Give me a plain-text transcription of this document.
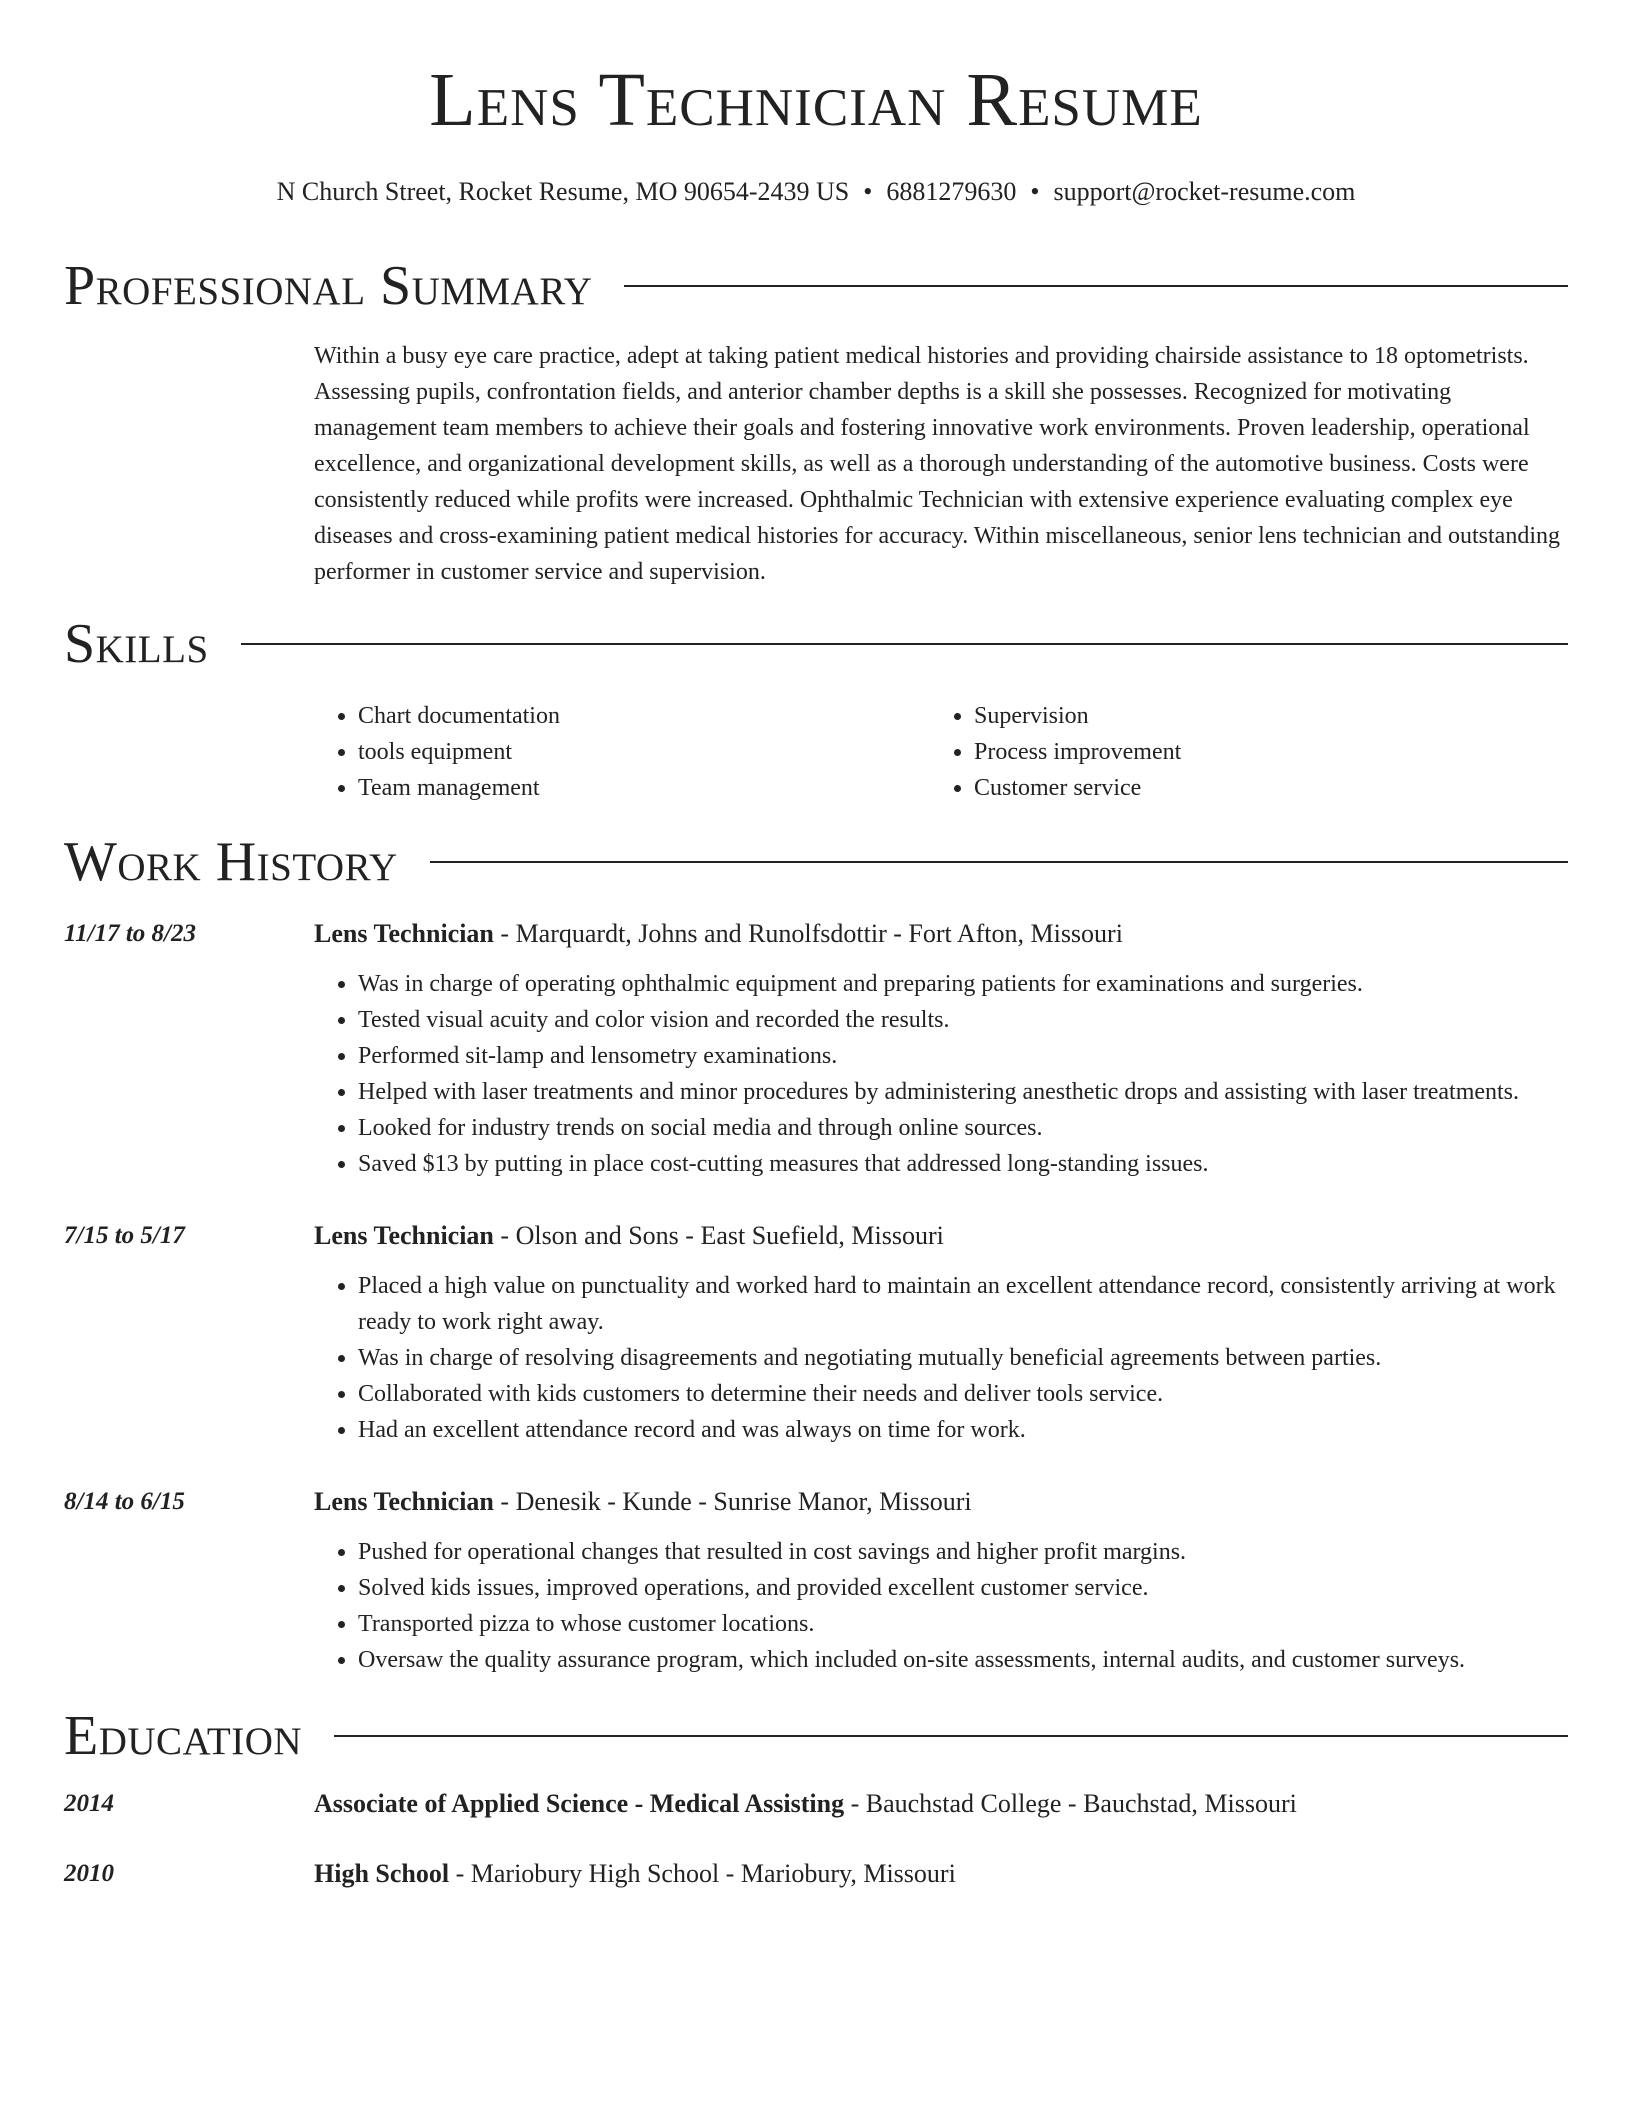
Lens Technician Resume
N Church Street, Rocket Resume, MO 90654-2439 US • 6881279630 • support@rocket-resume.com
Professional Summary

Within a busy eye care practice, adept at taking patient medical histories and providing chairside assistance to 18 optometrists. Assessing pupils, confrontation fields, and anterior chamber depths is a skill she possesses. Recognized for motivating management team members to achieve their goals and fostering innovative work environments. Proven leadership, operational excellence, and organizational development skills, as well as a thorough understanding of the automotive business. Costs were consistently reduced while profits were increased. Ophthalmic Technician with extensive experience evaluating complex eye diseases and cross-examining patient medical histories for accuracy. Within miscellaneous, senior lens technician and outstanding performer in customer service and supervision.

Skills
• Chart documentation
• tools equipment
• Team management
• Supervision
• Process improvement
• Customer service
Work History
11/17 to 8/23	Lens Technician - Marquardt, Johns and Runolfsdottir - Fort Afton, Missouri
• Was in charge of operating ophthalmic equipment and preparing patients for examinations and surgeries.
• Tested visual acuity and color vision and recorded the results.
• Performed sit-lamp and lensometry examinations.
• Helped with laser treatments and minor procedures by administering anesthetic drops and assisting with laser treatments.
• Looked for industry trends on social media and through online sources.
• Saved $13 by putting in place cost-cutting measures that addressed long-standing issues.
7/15 to 5/17	Lens Technician - Olson and Sons - East Suefield, Missouri
• Placed a high value on punctuality and worked hard to maintain an excellent attendance record, consistently arriving at work ready to work right away.
• Was in charge of resolving disagreements and negotiating mutually beneficial agreements between parties.
• Collaborated with kids customers to determine their needs and deliver tools service.
• Had an excellent attendance record and was always on time for work.
8/14 to 6/15	Lens Technician - Denesik - Kunde - Sunrise Manor, Missouri
• Pushed for operational changes that resulted in cost savings and higher profit margins.
• Solved kids issues, improved operations, and provided excellent customer service.
• Transported pizza to whose customer locations.
• Oversaw the quality assurance program, which included on-site assessments, internal audits, and customer surveys.
Education
2014	Associate of Applied Science - Medical Assisting - Bauchstad College - Bauchstad, Missouri
2010	High School - Mariobury High School - Mariobury, Missouri
